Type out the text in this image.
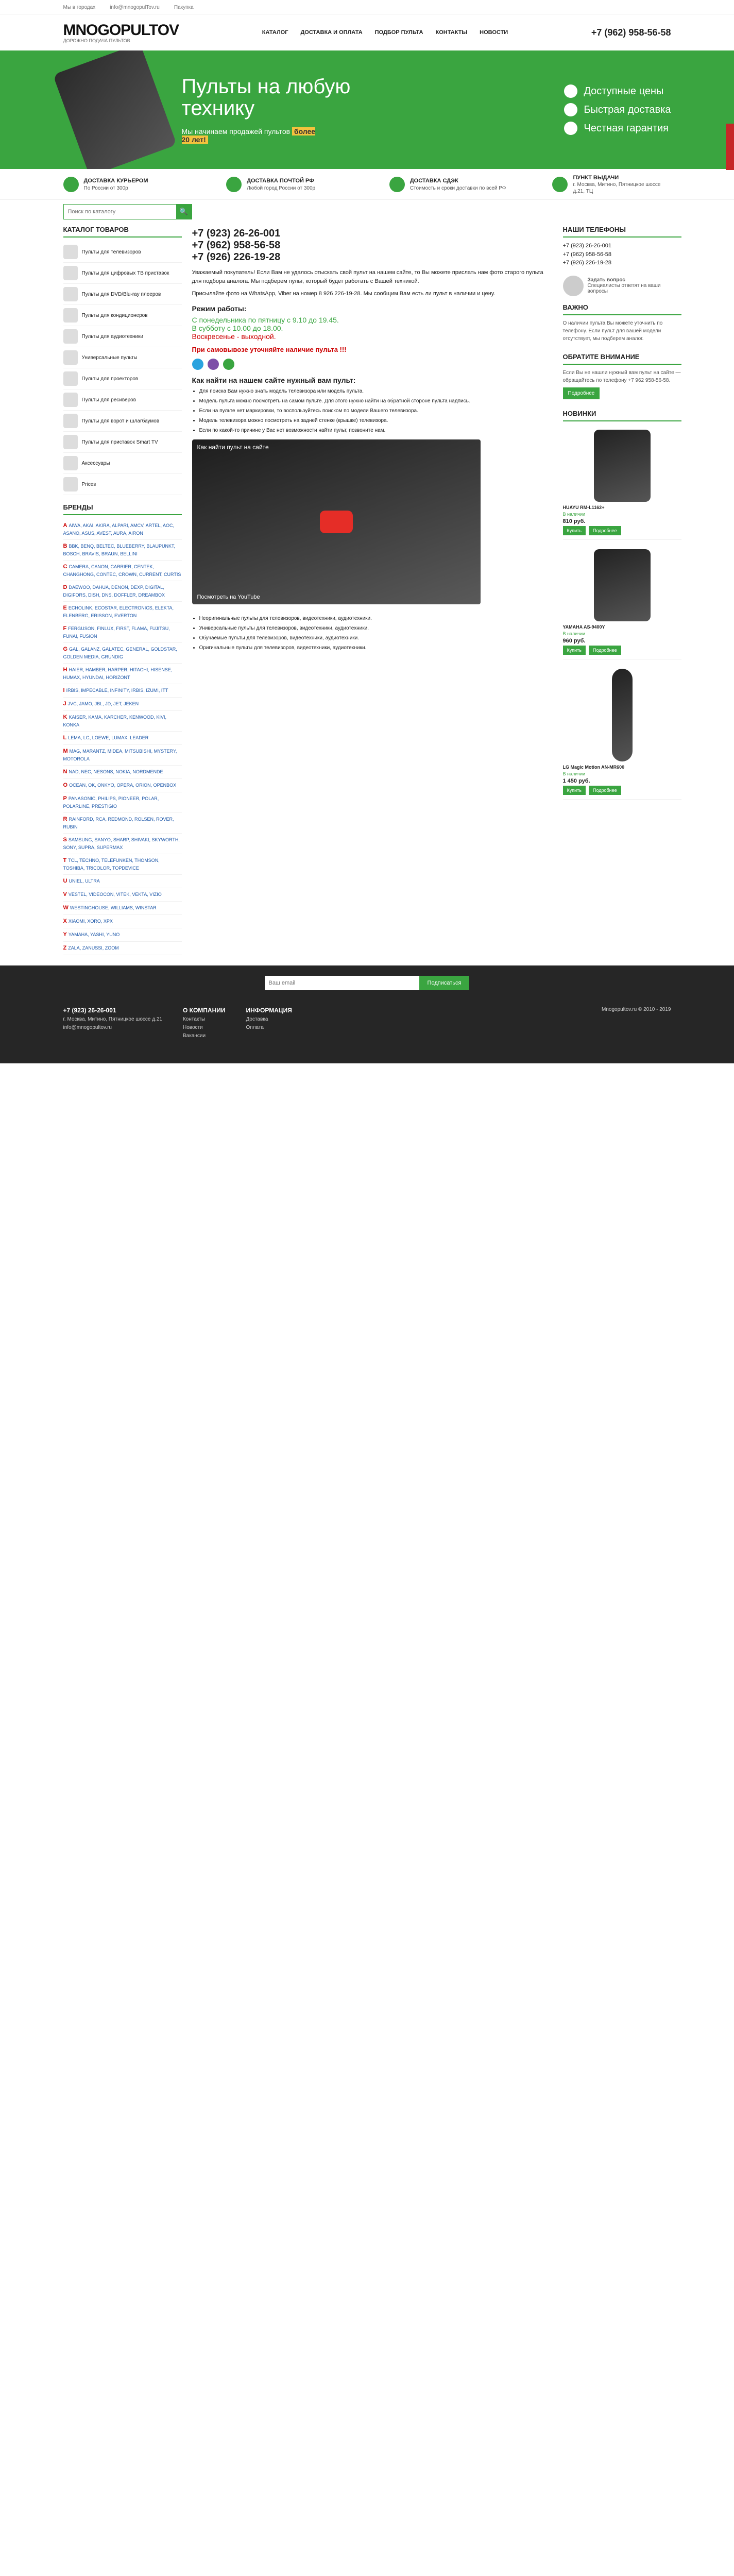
Мы в городах	info@mnogopulTov.ru	Пакупка
MNOGOPULTOV
ДОРОЖНО ПОДАЧА ПУЛЬТОВ
КАТАЛОГ ДОСТАВКА И ОПЛАТА ПОДБОР ПУЛЬТА КОНТАКТЫ НОВОСТИ	+7 (962) 958-56-58
Пульты на любую технику

Мы начинаем продажей пультов более 20 лет!

Доступные цены
Быстрая доставка
Честная гарантия
ДОСТАВКА КУРЬЕРОМ
По России от 300р
ДОСТАВКА ПОЧТОЙ РФ
Любой город России от 300р
ДОСТАВКА СДЭК
Стоимость и сроки доставки по всей РФ
ПУНКТ ВЫДАЧИ
г. Москва, Митино, Пятницкое шоссе д.21, ТЦ
Поиск по каталогу
🔍
КАТАЛОГ ТОВАРОВ
Пульты для телевизоров
Пульты для цифровых ТВ приставок
Пульты для DVD/Blu-ray плееров
Пульты для кондиционеров
Пульты для аудиотехники
Универсальные пульты
Пульты для проекторов
Пульты для ресиверов
Пульты для ворот и шлагбаумов
Пульты для приставок Smart TV
Аксессуары
Prices
БРЕНДЫ
A AIWA, AKAI, AKIRA, ALPARI, AMCV, ARTEL, AOC, ASANO, ASUS, AVEST, AURA, AIRON
B BBK, BENQ, BELTEC, BLUEBERRY, BLAUPUNKT, BOSCH, BRAVIS, BRAUN, BELLINI
C CAMERA, CANON, CARRIER, CENTEK, CHANGHONG, CONTEC, CROWN, CURRENT, CURTIS
D DAEWOO, DAHUA, DENON, DEXP, DIGITAL, DIGIFORS, DISH, DNS, DOFFLER, DREAMBOX
E ECHOLINK, ECOSTAR, ELECTRONICS, ELEKTA, ELENBERG, ERISSON, EVERTON
F FERGUSON, FINLUX, FIRST, FLAMA, FUJITSU, FUNAI, FUSION
G GAL, GALANZ, GALATEC, GENERAL, GOLDSTAR, GOLDEN MEDIA, GRUNDIG
H HAIER, HAMBER, HARPER, HITACHI, HISENSE, HUMAX, HYUNDAI, HORIZONT
I IRBIS, IMPECABLE, INFINITY, IRBIS, IZUMI, ITT
J JVC, JAMO, JBL, JD, JET, JEKEN
K KAISER, KAMA, KARCHER, KENWOOD, KIVI, KONKA
L LEMA, LG, LOEWE, LUMAX, LEADER
M MAG, MARANTZ, MIDEA, MITSUBISHI, MYSTERY, MOTOROLA
N NAD, NEC, NESONS, NOKIA, NORDMENDE
O OCEAN, OK, ONKYO, OPERA, ORION, OPENBOX
P PANASONIC, PHILIPS, PIONEER, POLAR, POLARLINE, PRESTIGIO
R RAINFORD, RCA, REDMOND, ROLSEN, ROVER, RUBIN
S SAMSUNG, SANYO, SHARP, SHIVAKI, SKYWORTH, SONY, SUPRA, SUPERMAX
T TCL, TECHNO, TELEFUNKEN, THOMSON, TOSHIBA, TRICOLOR, TOPDEVICE
U UNIEL, ULTRA
V VESTEL, VIDEOCON, VITEK, VEKTA, VIZIO
W WESTINGHOUSE, WILLIAMS, WINSTAR
X XIAOMI, XORO, XPX
Y YAMAHA, YASHI, YUNO
Z ZALA, ZANUSSI, ZOOM
+7 (923) 26-26-001
+7 (962) 958-56-58
+7 (926) 226-19-28

Уважаемый покупатель! Если Вам не удалось отыскать свой пульт на нашем сайте, то Вы можете прислать нам фото старого пульта для подбора аналога. Мы подберем пульт, который будет работать с Вашей техникой.

Присылайте фото на WhatsApp, Viber на номер 8 926 226-19-28. Мы сообщим Вам есть ли пульт в наличии и цену.

Режим работы:
С понедельника по пятницу с 9.10 до 19.45.
В субботу с 10.00 до 18.00.
Воскресенье - выходной.
При самовывозе уточняйте наличие пульта !!!
Как найти на нашем сайте нужный вам пульт:
• Для поиска Вам нужно знать модель телевизора или модель пульта.
• Модель пульта можно посмотреть на самом пульте. Для этого нужно найти на обратной стороне пульта надпись.
• Если на пульте нет маркировки, то воспользуйтесь поиском по модели Вашего телевизора.
• Модель телевизора можно посмотреть на задней стенке (крышке) телевизора.
• Если по какой-то причине у Вас нет возможности найти пульт, позвоните нам.
Как найти пульт на сайте
Посмотреть на YouTube
• Неоригинальные пульты для телевизоров, видеотехники, аудиотехники.
• Универсальные пульты для телевизоров, видеотехники, аудиотехники.
• Обучаемые пульты для телевизоров, видеотехники, аудиотехники.
• Оригинальные пульты для телевизоров, видеотехники, аудиотехники.
НАШИ ТЕЛЕФОНЫ
+7 (923) 26-26-001
+7 (962) 958-56-58
+7 (926) 226-19-28
Задать вопрос
Специалисты ответят на ваши вопросы
ВАЖНО
О наличии пульта Вы можете уточнить по телефону. Если пульт для вашей модели отсутствует, мы подберем аналог.
ОБРАТИТЕ ВНИМАНИЕ
Если Вы не нашли нужный вам пульт на сайте — обращайтесь по телефону +7 962 958-56-58.
Подробнее
НОВИНКИ
HUAYU RM-L1162+
В наличии
810 руб.
Купить	Подробнее
YAMAHA AS-9400Y
В наличии
960 руб.
Купить	Подробнее
LG Magic Motion AN-MR600
В наличии
1 450 руб.
Купить	Подробнее
Ваш email
Подписаться
+7 (923) 26-26-001
г. Москва, Митино, Пятницкое шоссе д.21
info@mnogopultov.ru
О КОМПАНИИ
Контакты
Новости
Вакансии
ИНФОРМАЦИЯ
Доставка
Оплата
Mnogopultov.ru © 2010 - 2019
